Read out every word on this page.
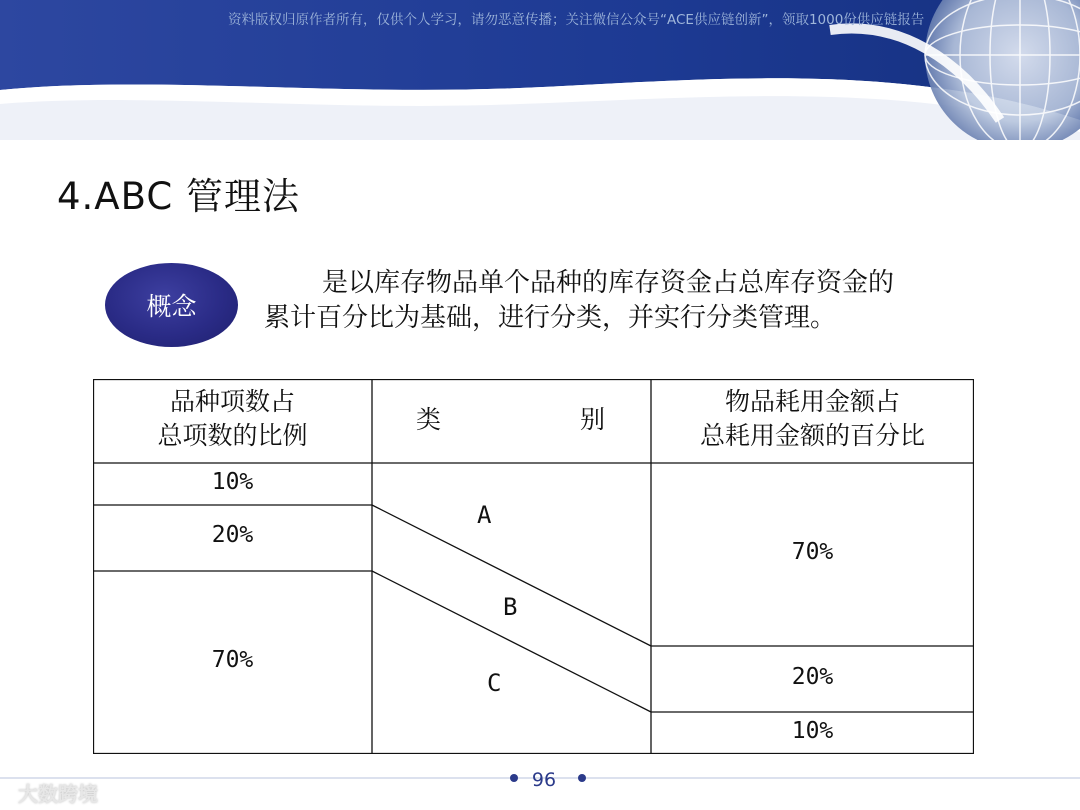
资料版权归原作者所有，仅供个人学习，请勿恶意传播；关注微信公众号“ACE供应链创新”，领取1000份供应链报告
4.ABC 管理法
概念
是以库存物品单个品种的库存资金占总库存资金的累计百分比为基础，进行分类，并实行分类管理。
品种项数占
总项数的比例
类	别
物品耗用金额占
总耗用金额的百分比
10%
20%
70%
A
B
C
70%
20%
10%
96
大数跨境
